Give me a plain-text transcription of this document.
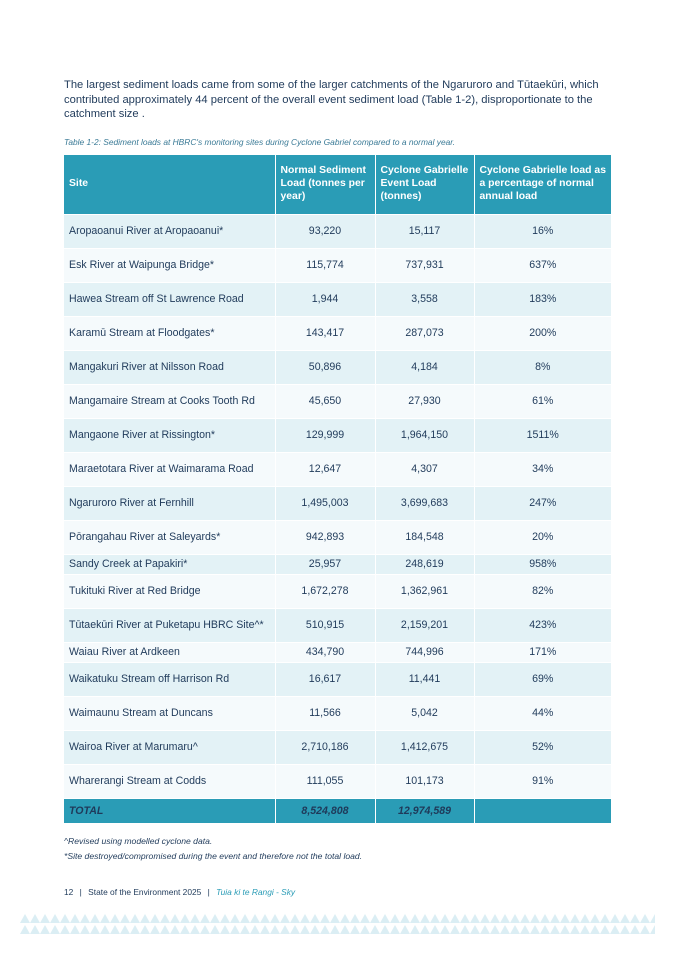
The largest sediment loads came from some of the larger catchments of the Ngaruroro and Tūtaekūri, which contributed approximately 44 percent of the overall event sediment load (Table 1-2), disproportionate to the catchment size .

Table 1-2: Sediment loads at HBRC's monitoring sites during Cyclone Gabriel compared to a normal year.

Site	Normal Sediment Load (tonnes per year)	Cyclone Gabrielle Event Load (tonnes)	Cyclone Gabrielle load as a percentage of normal annual load
Aropaoanui River at Aropaoanui*	93,220	15,117	16%
Esk River at Waipunga Bridge*	115,774	737,931	637%
Hawea Stream off St Lawrence Road	1,944	3,558	183%
Karamū Stream at Floodgates*	143,417	287,073	200%
Mangakuri River at Nilsson Road	50,896	4,184	8%
Mangamaire Stream at Cooks Tooth Rd	45,650	27,930	61%
Mangaone River at Rissington*	129,999	1,964,150	1511%
Maraetotara River at Waimarama Road	12,647	4,307	34%
Ngaruroro River at Fernhill	1,495,003	3,699,683	247%
Pōrangahau River at Saleyards*	942,893	184,548	20%
Sandy Creek at Papakiri*	25,957	248,619	958%
Tukituki River at Red Bridge	1,672,278	1,362,961	82%
Tūtaekūri River at Puketapu HBRC Site^*	510,915	2,159,201	423%
Waiau River at Ardkeen	434,790	744,996	171%
Waikatuku Stream off Harrison Rd	16,617	11,441	69%
Waimaunu Stream at Duncans	11,566	5,042	44%
Wairoa River at Marumaru^	2,710,186	1,412,675	52%
Wharerangi Stream at Codds	111,055	101,173	91%
TOTAL	8,524,808	12,974,589	
^Revised using modelled cyclone data.
*Site destroyed/compromised during the event and therefore not the total load.
12 | State of the Environment 2025 | Tuia ki te Rangi - Sky
